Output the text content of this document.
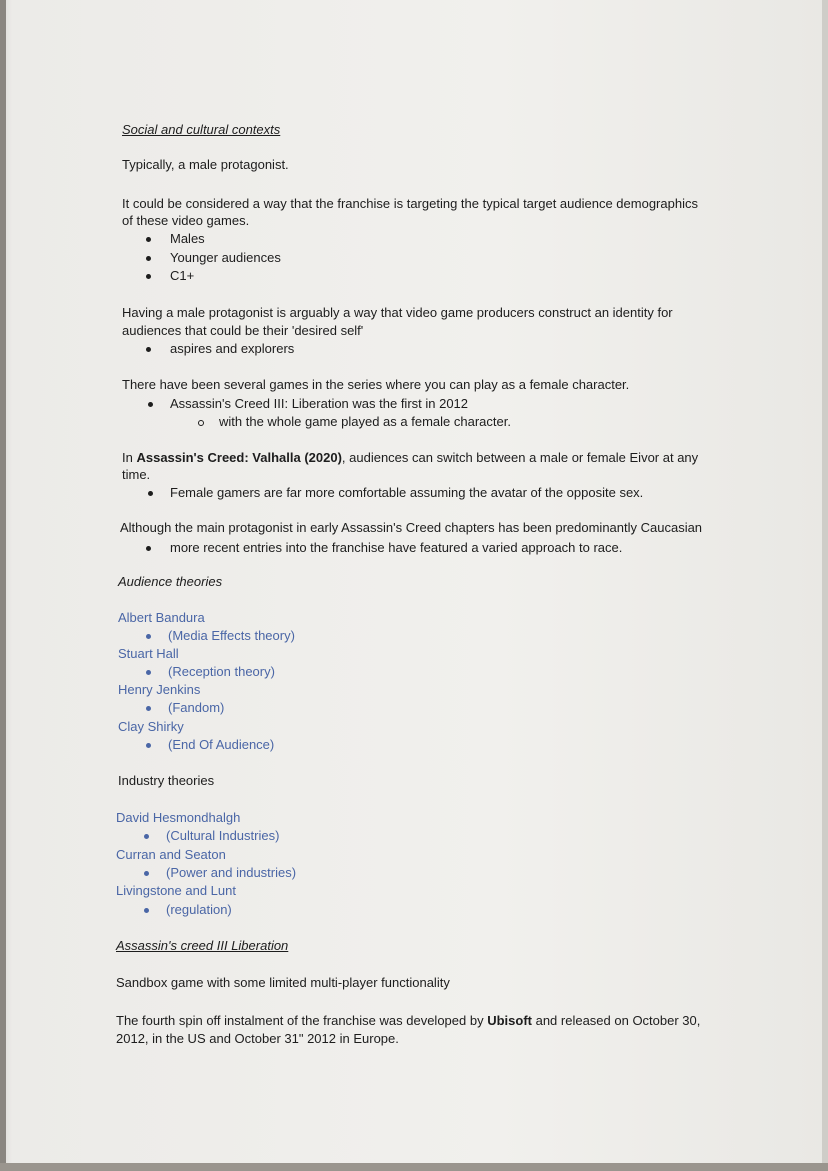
Social and cultural contexts
Typically, a male protagonist.
It could be considered a way that the franchise is targeting the typical target audience demographics
of these video games.
Males
Younger audiences
C1+
Having a male protagonist is arguably a way that video game producers construct an identity for
audiences that could be their 'desired self'
aspires and explorers
There have been several games in the series where you can play as a female character.
Assassin's Creed III: Liberation was the first in 2012
with the whole game played as a female character.
In Assassin's Creed: Valhalla (2020), audiences can switch between a male or female Eivor at any
time.
Female gamers are far more comfortable assuming the avatar of the opposite sex.
Although the main protagonist in early Assassin's Creed chapters has been predominantly Caucasian
more recent entries into the franchise have featured a varied approach to race.
Audience theories
Albert Bandura
(Media Effects theory)
Stuart Hall
(Reception theory)
Henry Jenkins
(Fandom)
Clay Shirky
(End Of Audience)
Industry theories
David Hesmondhalgh
(Cultural Industries)
Curran and Seaton
(Power and industries)
Livingstone and Lunt
(regulation)
Assassin's creed III Liberation
Sandbox game with some limited multi-player functionality
The fourth spin off instalment of the franchise was developed by Ubisoft and released on October 30,
2012, in the US and October 31" 2012 in Europe.
